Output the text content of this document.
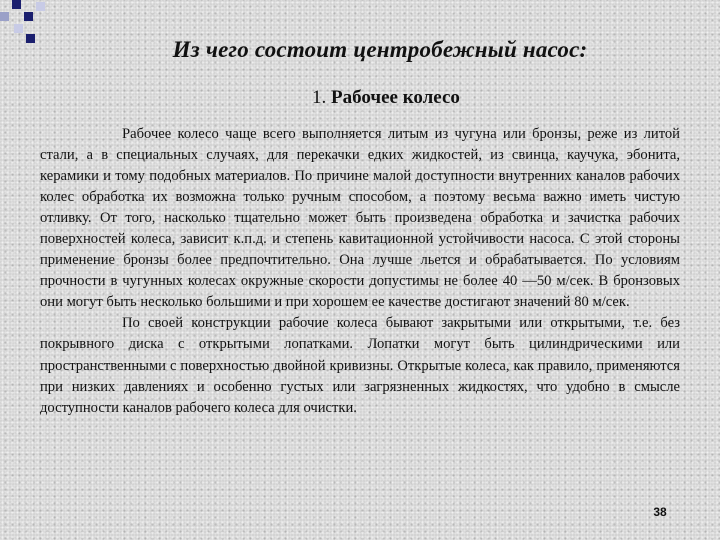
Из чего состоит центробежный насос:
1. Рабочее колесо

Рабочее колесо чаще всего выполняется литым из чугуна или бронзы, реже из литой стали, а в специальных случаях, для перекачки едких жидкостей, из свинца, каучука, эбонита, керамики и тому подобных материалов. По причине малой доступности внутренних каналов рабочих колес обработка их возможна только ручным способом, а поэтому весьма важно иметь чистую отливку. От того, насколько тщательно может быть произведена обработка и зачистка рабочих поверхностей колеса, зависит к.п.д. и степень кавитационной устойчивости насоса. С этой стороны применение бронзы более предпочтительно. Она лучше льется и обрабатывается. По условиям прочности в чугунных колесах окружные скорости допустимы не более 40 —50 м/сек. В бронзовых они могут быть несколько большими и при хорошем ее качестве достигают значений 80 м/сек.

По своей конструкции рабочие колеса бывают закрытыми или открытыми, т.е. без покрывного диска с открытыми лопатками. Лопатки могут быть цилиндрическими или пространственными с поверхностью двойной кривизны. Открытые колеса, как правило, применяются при низких давлениях и особенно густых или загрязненных жидкостях, что удобно в смысле доступности каналов рабочего колеса для очистки.

38
